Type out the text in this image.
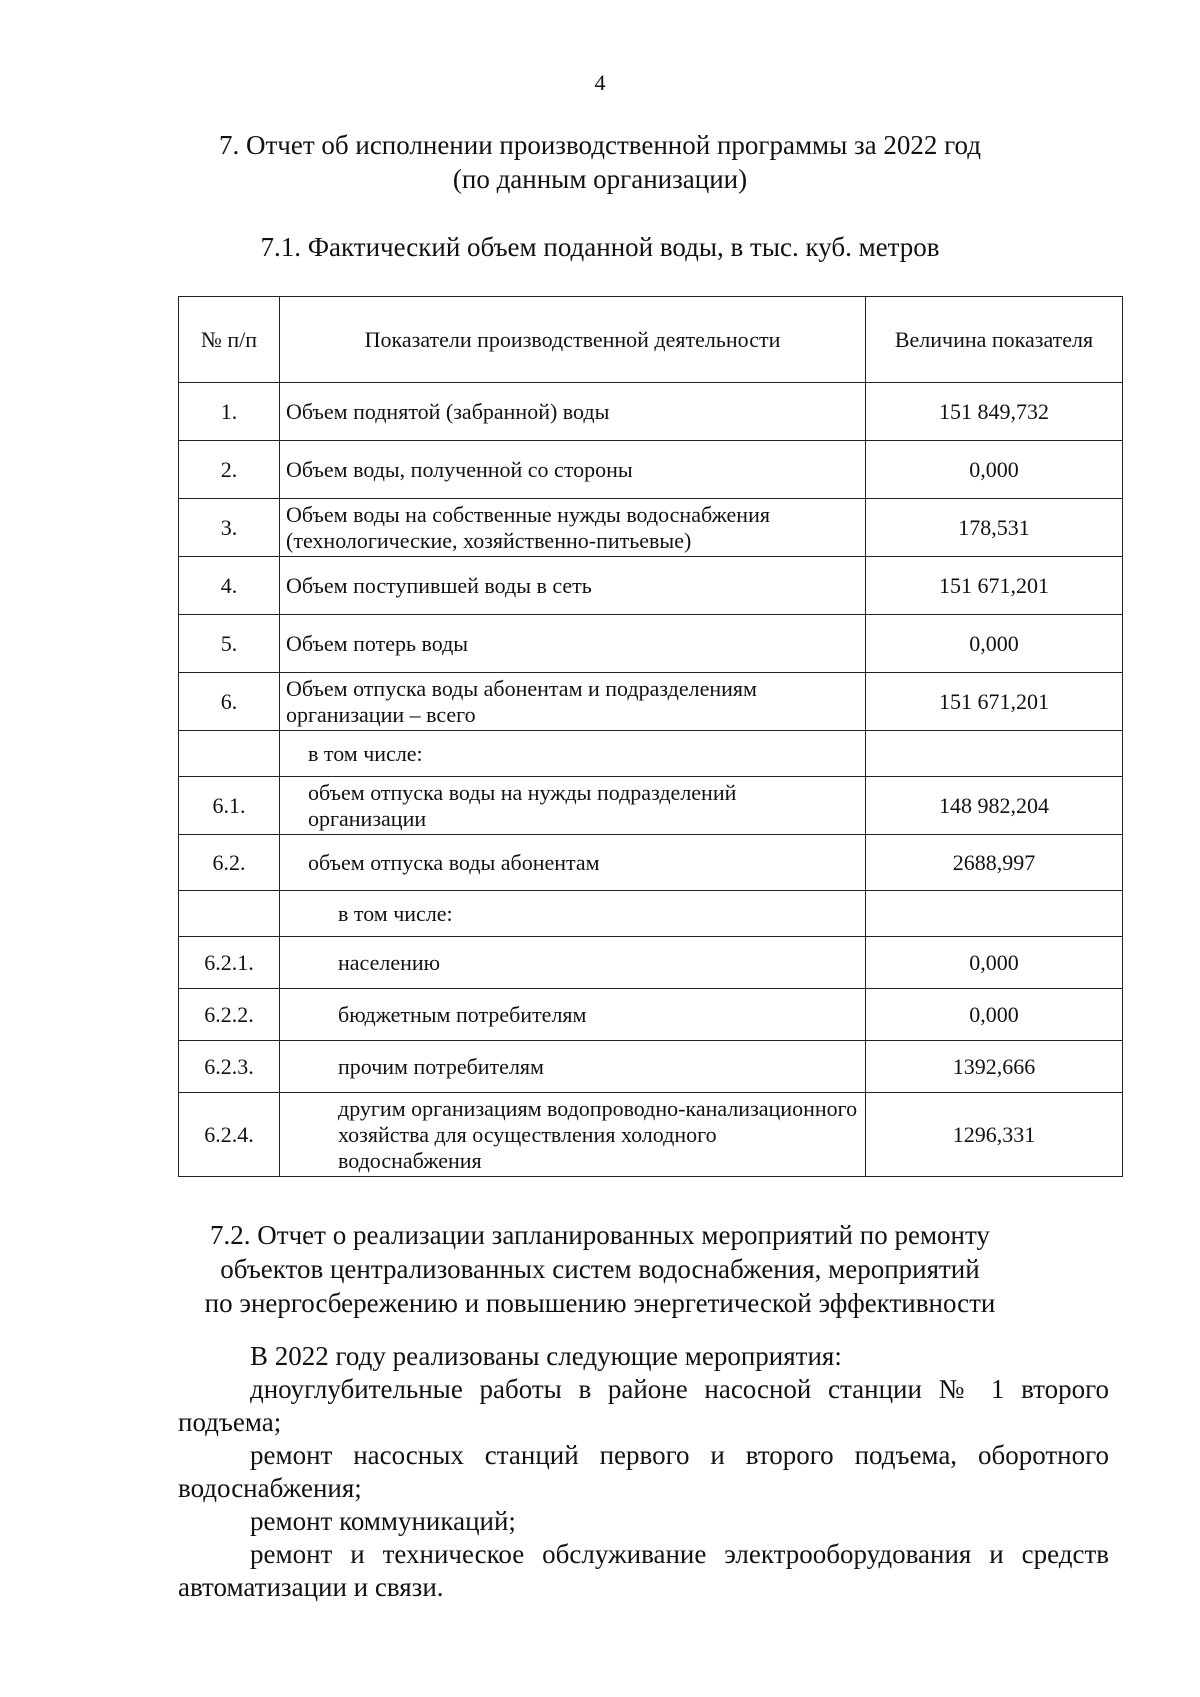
4
7. Отчет об исполнении производственной программы за 2022 год
(по данным организации)
7.1. Фактический объем поданной воды, в тыс. куб. метров
№ п/п	Показатели производственной деятельности	Величина показателя
1.	Объем поднятой (забранной) воды	151 849,732
2.	Объем воды, полученной со стороны	0,000
3.	Объем воды на собственные нужды водоснабжения (технологические, хозяйственно-питьевые)	178,531
4.	Объем поступившей воды в сеть	151 671,201
5.	Объем потерь воды	0,000
6.	Объем отпуска воды абонентам и подразделениям организации – всего	151 671,201
	в том числе:	
6.1.	объем отпуска воды на нужды подразделений организации	148 982,204
6.2.	объем отпуска воды абонентам	2688,997
	в том числе:	
6.2.1.	населению	0,000
6.2.2.	бюджетным потребителям	0,000
6.2.3.	прочим потребителям	1392,666
6.2.4.	другим организациям водопроводно-канализационного хозяйства для осуществления холодного водоснабжения	1296,331
7.2. Отчет о реализации запланированных мероприятий по ремонту
объектов централизованных систем водоснабжения, мероприятий
по энергосбережению и повышению энергетической эффективности

В 2022 году реализованы следующие мероприятия:

дноуглубительные работы в районе насосной станции № 1 второго подъема;

ремонт насосных станций первого и второго подъема, оборотного водоснабжения;

ремонт коммуникаций;

ремонт и техническое обслуживание электрооборудования и средств автоматизации и связи.
